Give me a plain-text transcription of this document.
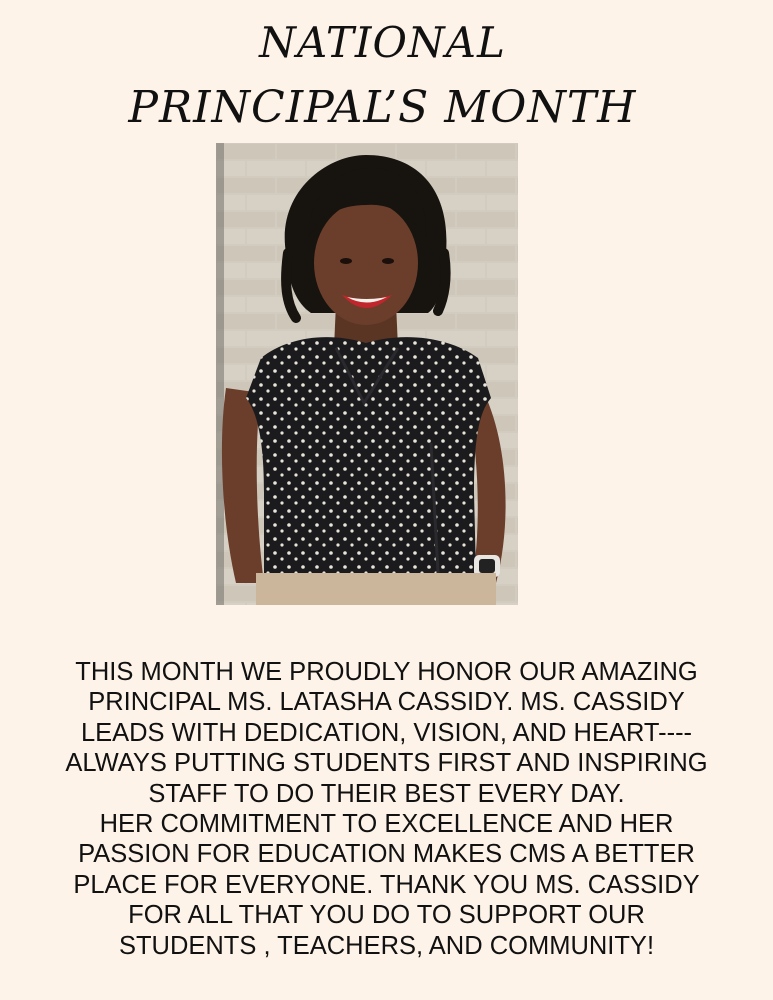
NATIONAL
PRINCIPAL’S MONTH
THIS MONTH WE PROUDLY HONOR OUR AMAZING
PRINCIPAL MS. LATASHA CASSIDY. MS. CASSIDY
LEADS WITH DEDICATION, VISION, AND HEART----
ALWAYS PUTTING STUDENTS FIRST AND INSPIRING
STAFF TO DO THEIR BEST EVERY DAY.
HER COMMITMENT TO EXCELLENCE AND HER
PASSION FOR EDUCATION MAKES CMS A BETTER
PLACE FOR EVERYONE. THANK YOU MS. CASSIDY
FOR ALL THAT YOU DO TO SUPPORT OUR
STUDENTS , TEACHERS, AND COMMUNITY!
